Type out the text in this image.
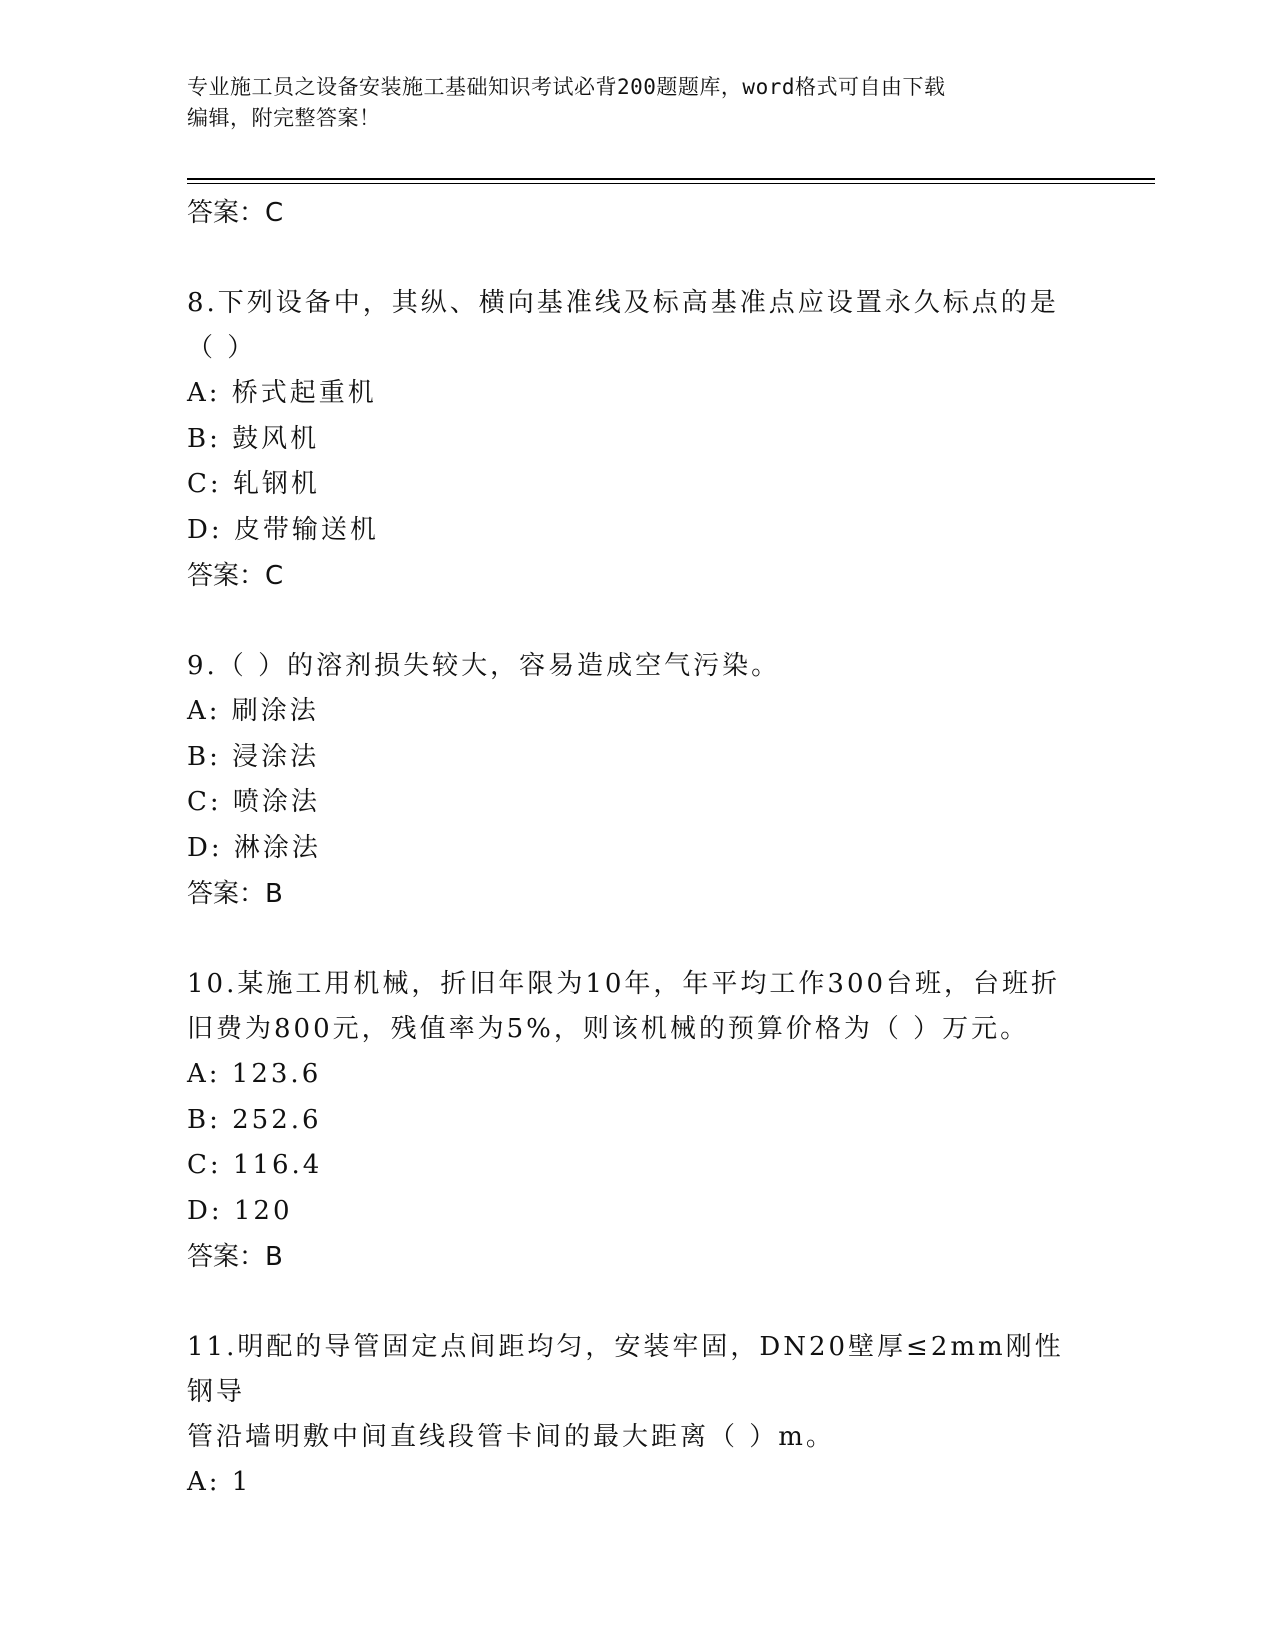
专业施工员之设备安装施工基础知识考试必背200题题库，word格式可自由下载
编辑，附完整答案！
答案：C
8.下列设备中，其纵、横向基准线及标高基准点应设置永久标点的是
（ ）
A: 桥式起重机
B: 鼓风机
C: 轧钢机
D: 皮带输送机
答案：C
9.（ ）的溶剂损失较大，容易造成空气污染。
A: 刷涂法
B: 浸涂法
C: 喷涂法
D: 淋涂法
答案：B
10.某施工用机械，折旧年限为10年，年平均工作300台班，台班折
旧费为800元，残值率为5%，则该机械的预算价格为（ ）万元。
A: 123.6
B: 252.6
C: 116.4
D: 120
答案：B
11.明配的导管固定点间距均匀，安装牢固，DN20壁厚≤2mm刚性钢导
管沿墙明敷中间直线段管卡间的最大距离（ ）m。
A: 1
